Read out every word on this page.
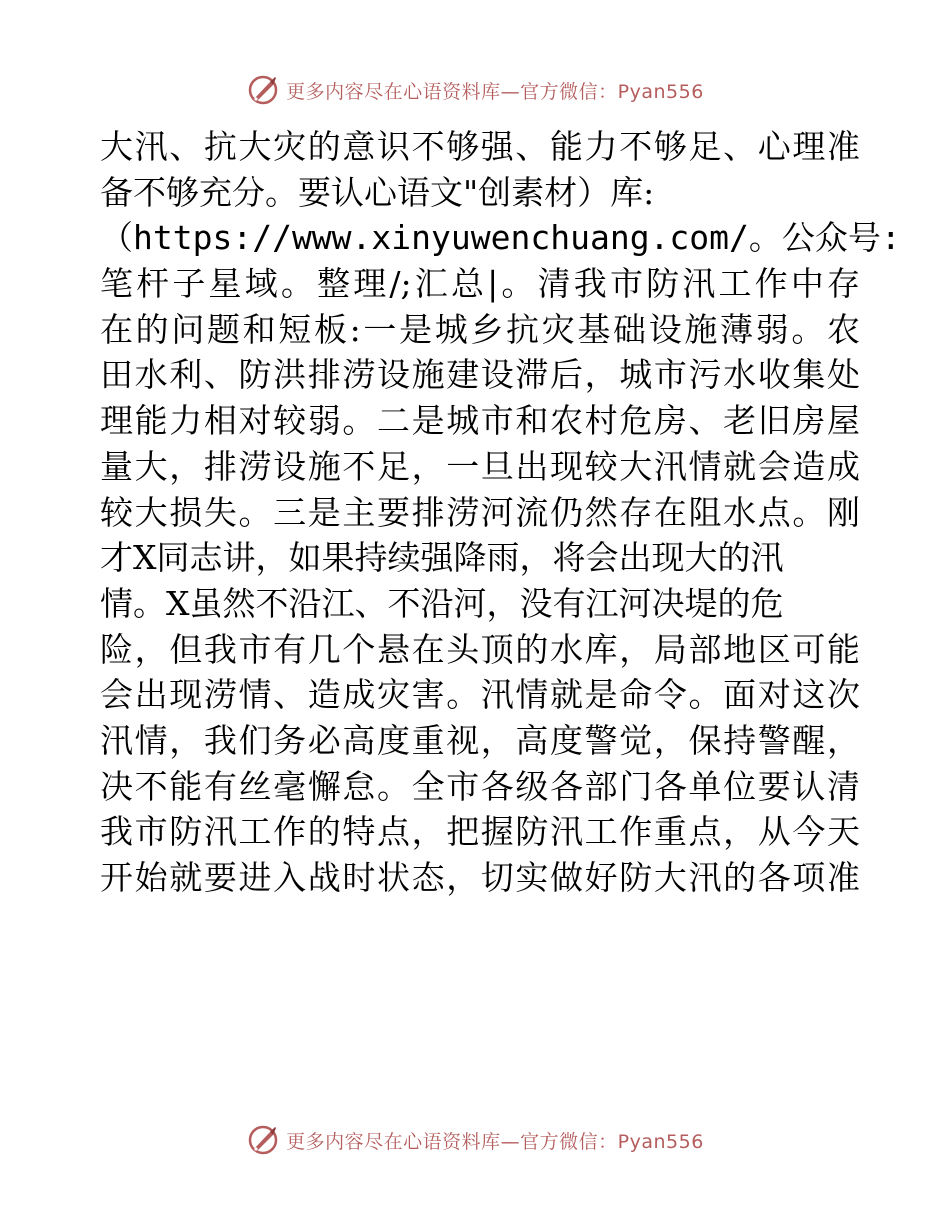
更多内容尽在心语资料库—官方微信：Pyan556
大汛、抗大灾的意识不够强、能力不够足、心理准
备不够充分。要认心语文"创素材）库:
（https://www.xinyuwenchuang.com/。公众号:
笔杆子星域。整理/;汇总|。清我市防汛工作中存
在的问题和短板:一是城乡抗灾基础设施薄弱。农
田水利、防洪排涝设施建设滞后，城市污水收集处
理能力相对较弱。二是城市和农村危房、老旧房屋
量大，排涝设施不足，一旦出现较大汛情就会造成
较大损失。三是主要排涝河流仍然存在阻水点。刚
才X同志讲，如果持续强降雨，将会出现大的汛
情。X虽然不沿江、不沿河，没有江河决堤的危
险，但我市有几个悬在头顶的水库，局部地区可能
会出现涝情、造成灾害。汛情就是命令。面对这次
汛情，我们务必高度重视，高度警觉，保持警醒，
决不能有丝毫懈怠。全市各级各部门各单位要认清
我市防汛工作的特点，把握防汛工作重点，从今天
开始就要进入战时状态，切实做好防大汛的各项准
更多内容尽在心语资料库—官方微信：Pyan556
